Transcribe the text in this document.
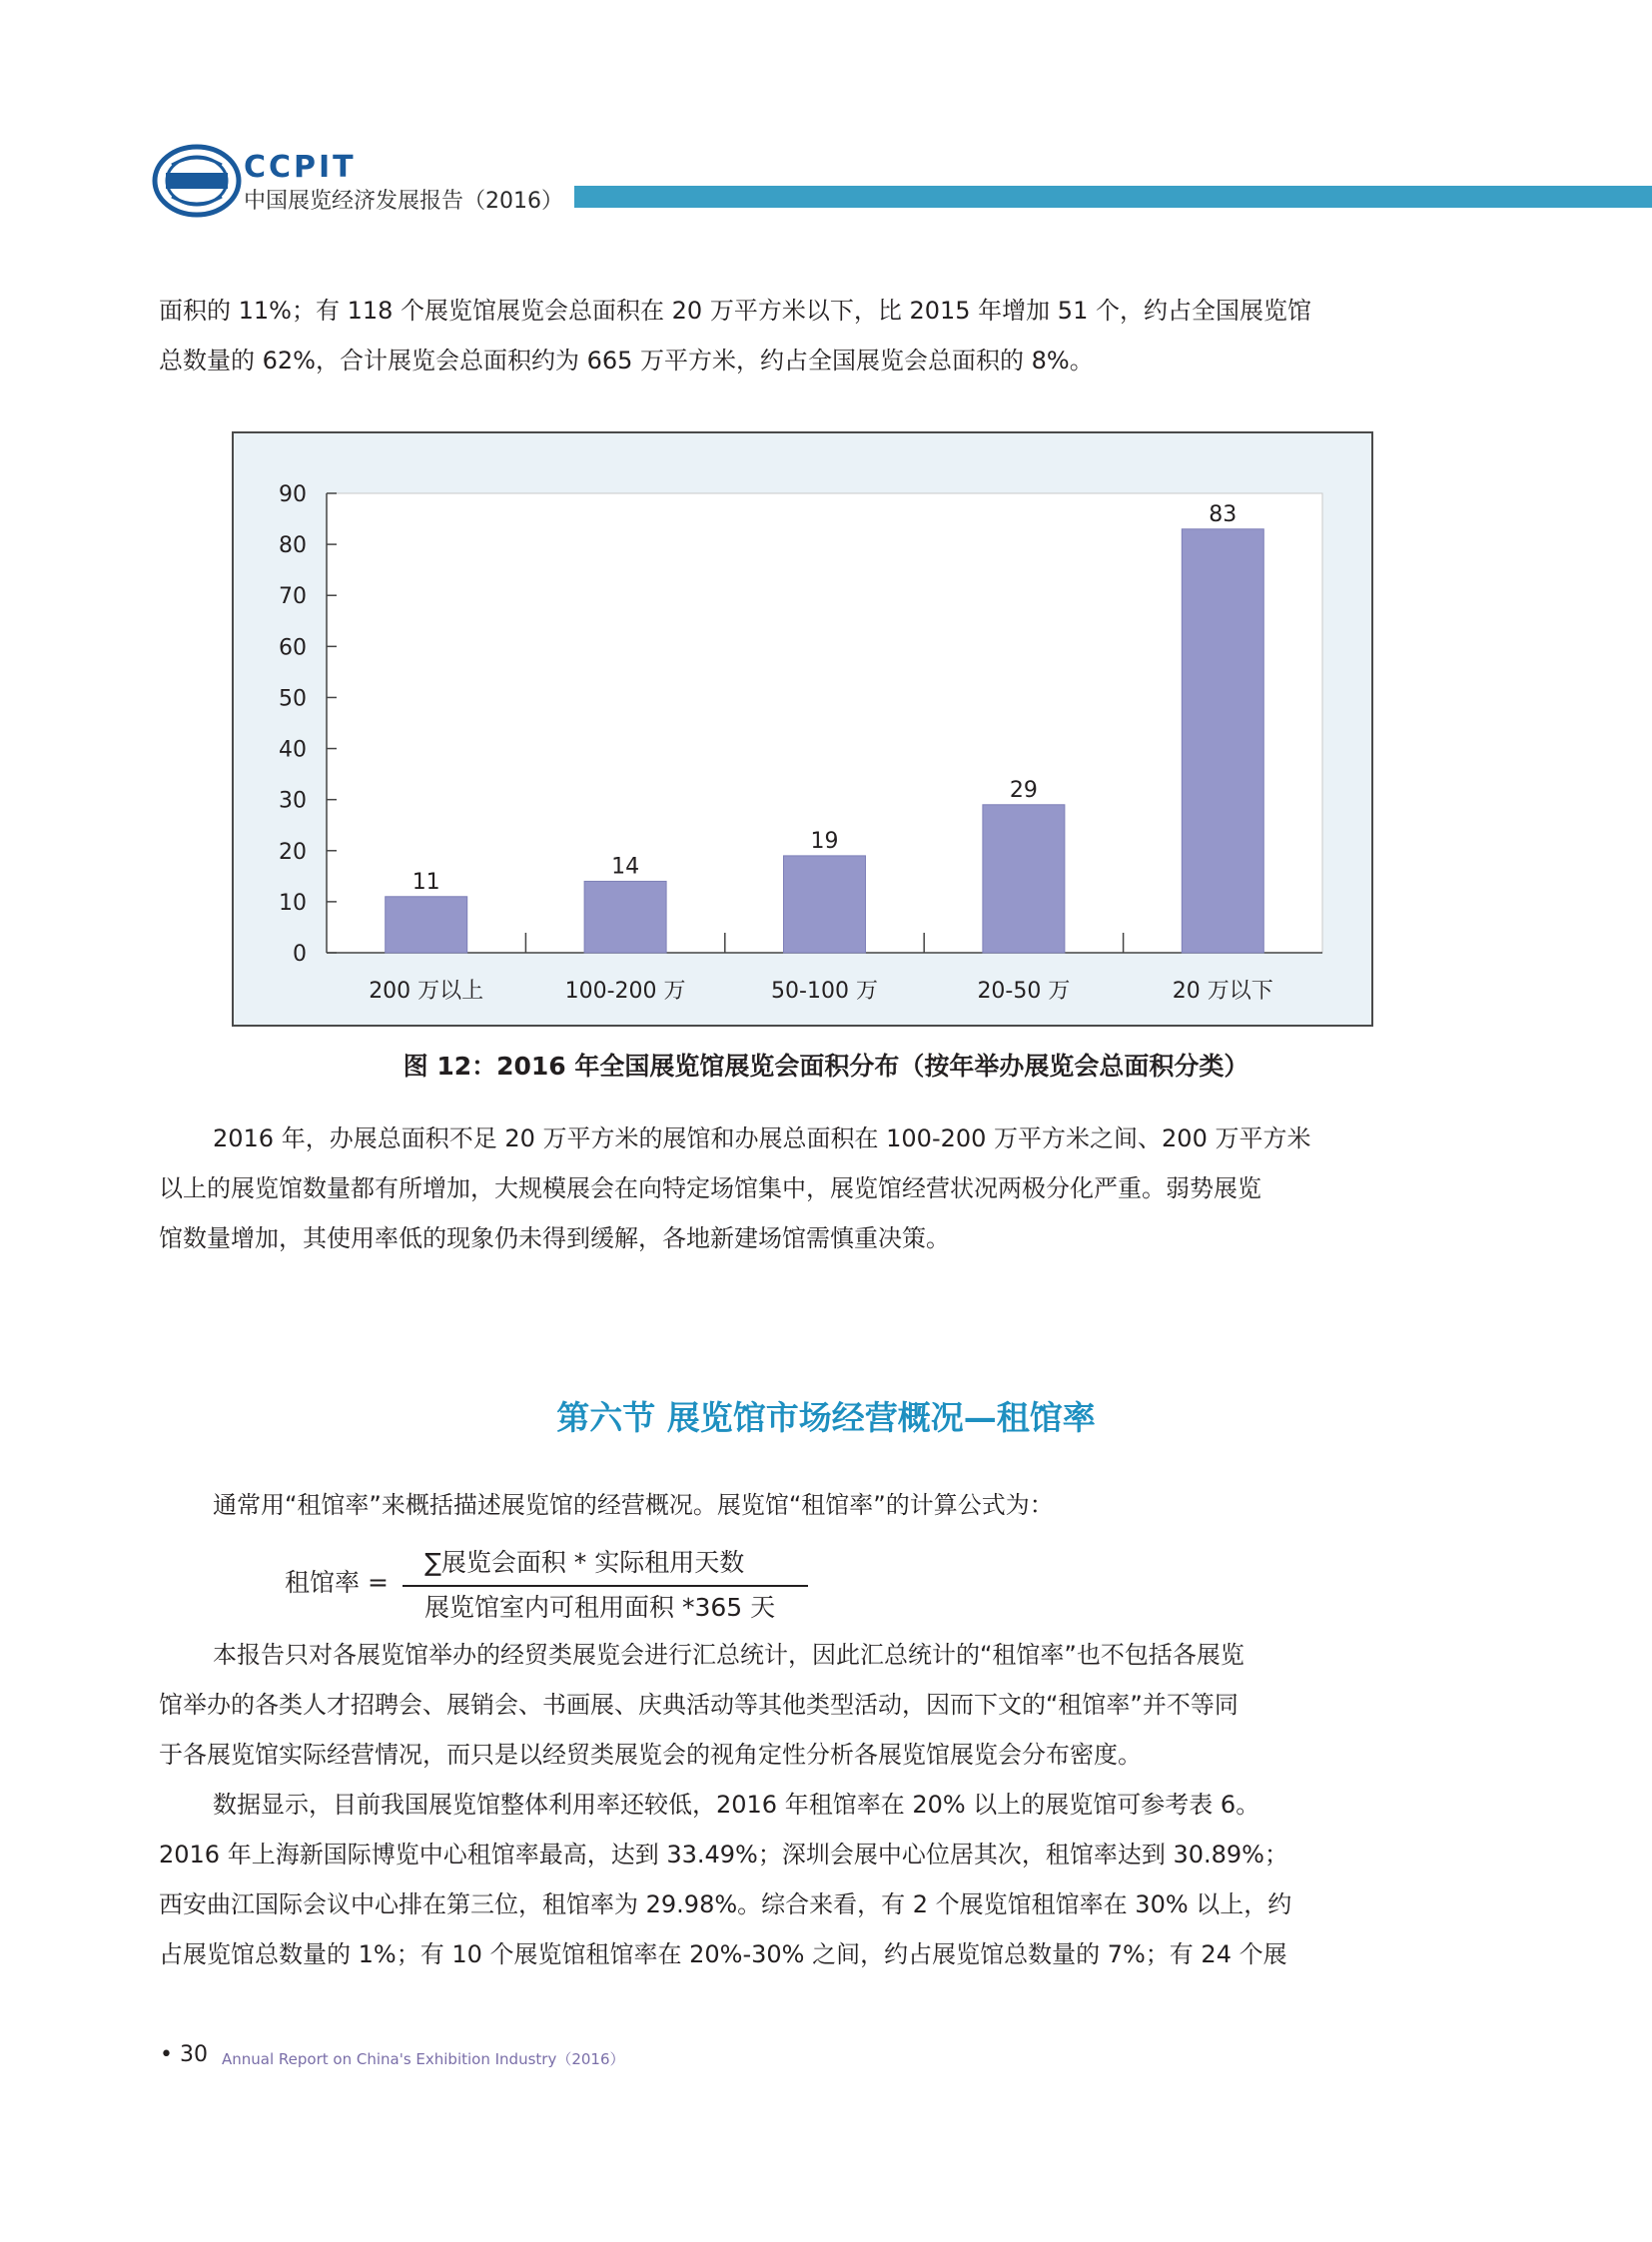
CCPIT
中国展览经济发展报告（2016）

面积的 11%；有 118 个展览馆展览会总面积在 20 万平方米以下，比 2015 年增加 51 个，约占全国展览馆

总数量的 62%，合计展览会总面积约为 665 万平方米，约占全国展览会总面积的 8%。

0
10
20
30
40
50
60
70
80
90
11
200 万以上
14
100-200 万
19
50-100 万
29
20-50 万
83
20 万以下
图 12：2016 年全国展览馆展览会面积分布（按年举办展览会总面积分类）

2016 年，办展总面积不足 20 万平方米的展馆和办展总面积在 100-200 万平方米之间、200 万平方米

以上的展览馆数量都有所增加，大规模展会在向特定场馆集中，展览馆经营状况两极分化严重。弱势展览

馆数量增加，其使用率低的现象仍未得到缓解，各地新建场馆需慎重决策。

第六节 展览馆市场经营概况—租馆率

通常用“租馆率”来概括描述展览馆的经营概况。展览馆“租馆率”的计算公式为：

租馆率 =
∑展览会面积 * 实际租用天数
展览馆室内可租用面积 *365 天

本报告只对各展览馆举办的经贸类展览会进行汇总统计，因此汇总统计的“租馆率”也不包括各展览

馆举办的各类人才招聘会、展销会、书画展、庆典活动等其他类型活动，因而下文的“租馆率”并不等同

于各展览馆实际经营情况，而只是以经贸类展览会的视角定性分析各展览馆展览会分布密度。

数据显示，目前我国展览馆整体利用率还较低，2016 年租馆率在 20% 以上的展览馆可参考表 6。

2016 年上海新国际博览中心租馆率最高，达到 33.49%；深圳会展中心位居其次，租馆率达到 30.89%；

西安曲江国际会议中心排在第三位，租馆率为 29.98%。综合来看，有 2 个展览馆租馆率在 30% 以上，约

占展览馆总数量的 1%；有 10 个展览馆租馆率在 20%-30% 之间，约占展览馆总数量的 7%；有 24 个展

• 30 Annual Report on China's Exhibition Industry（2016）
